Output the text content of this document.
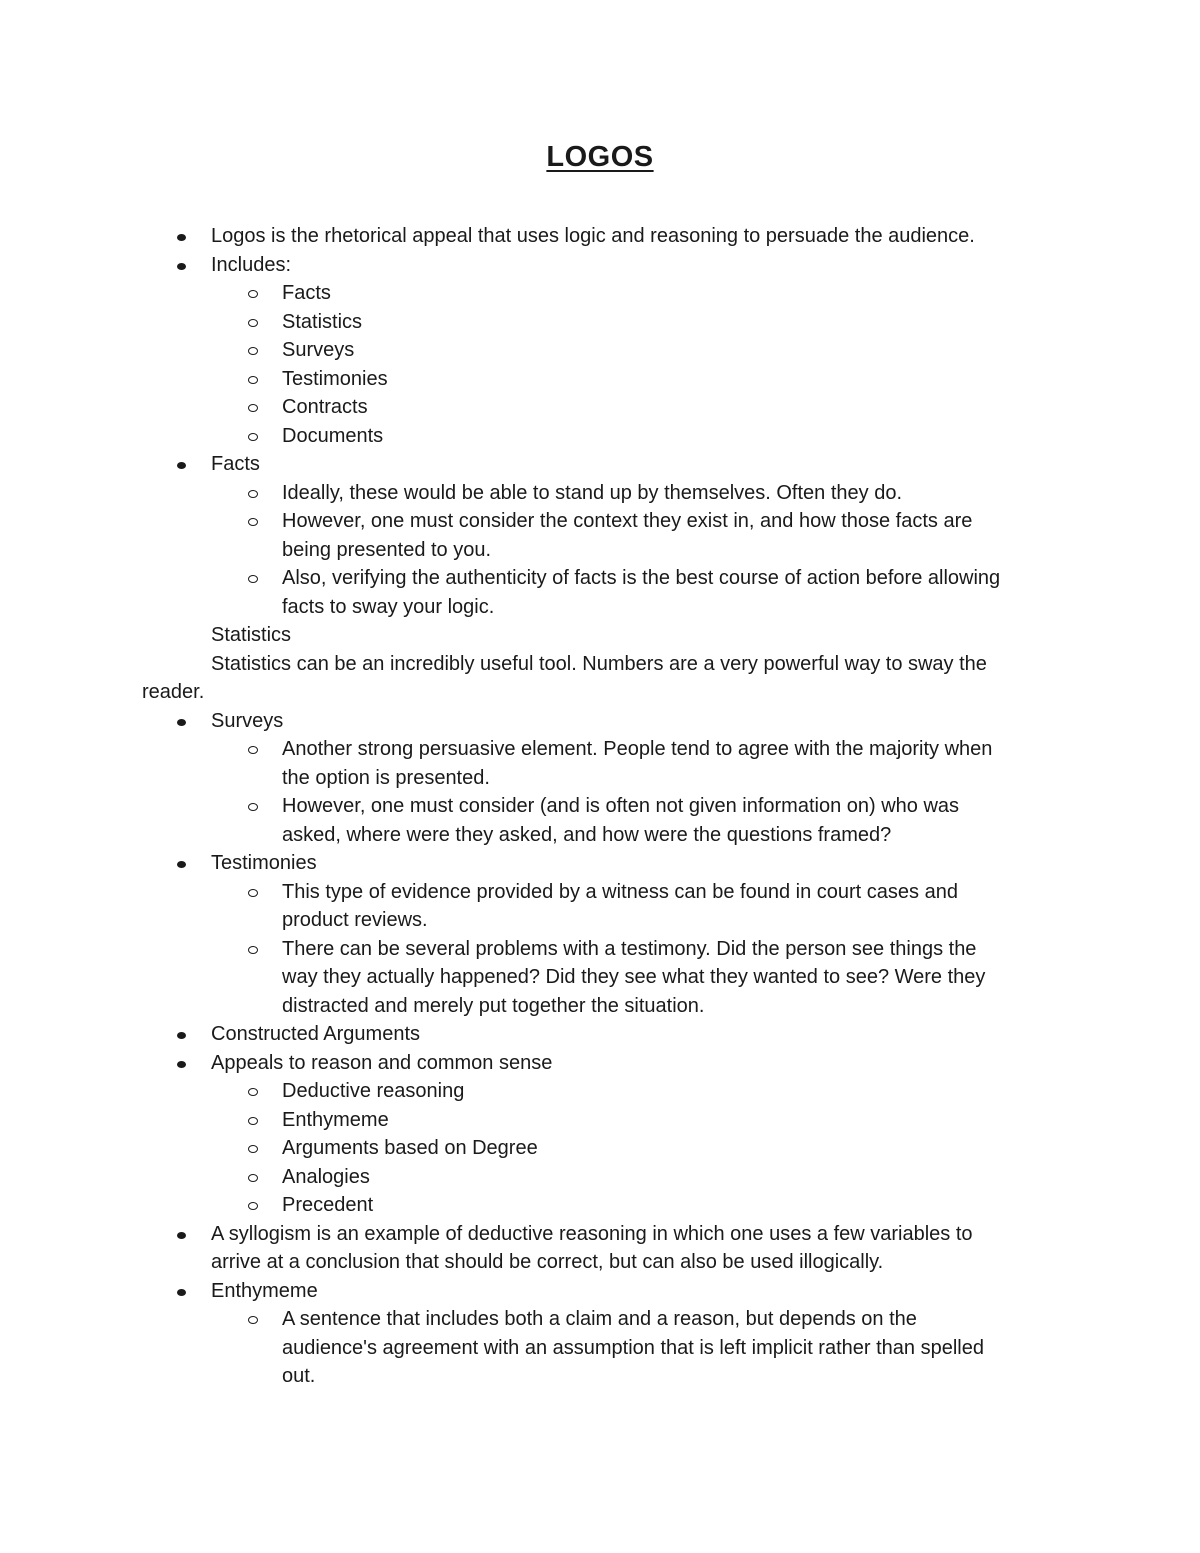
LOGOS
Logos is the rhetorical appeal that uses logic and reasoning to persuade the audience.
Includes:
Facts
Statistics
Surveys
Testimonies
Contracts
Documents
Facts
Ideally, these would be able to stand up by themselves. Often they do.
However, one must consider the context they exist in, and how those facts are
being presented to you.
Also, verifying the authenticity of facts is the best course of action before allowing
facts to sway your logic.
Statistics
Statistics can be an incredibly useful tool. Numbers are a very powerful way to sway the
reader.
Surveys
Another strong persuasive element. People tend to agree with the majority when
the option is presented.
However, one must consider (and is often not given information on) who was
asked, where were they asked, and how were the questions framed?
Testimonies
This type of evidence provided by a witness can be found in court cases and
product reviews.
There can be several problems with a testimony. Did the person see things the
way they actually happened? Did they see what they wanted to see? Were they
distracted and merely put together the situation.
Constructed Arguments
Appeals to reason and common sense
Deductive reasoning
Enthymeme
Arguments based on Degree
Analogies
Precedent
A syllogism is an example of deductive reasoning in which one uses a few variables to
arrive at a conclusion that should be correct, but can also be used illogically.
Enthymeme
A sentence that includes both a claim and a reason, but depends on the
audience's agreement with an assumption that is left implicit rather than spelled
out.
